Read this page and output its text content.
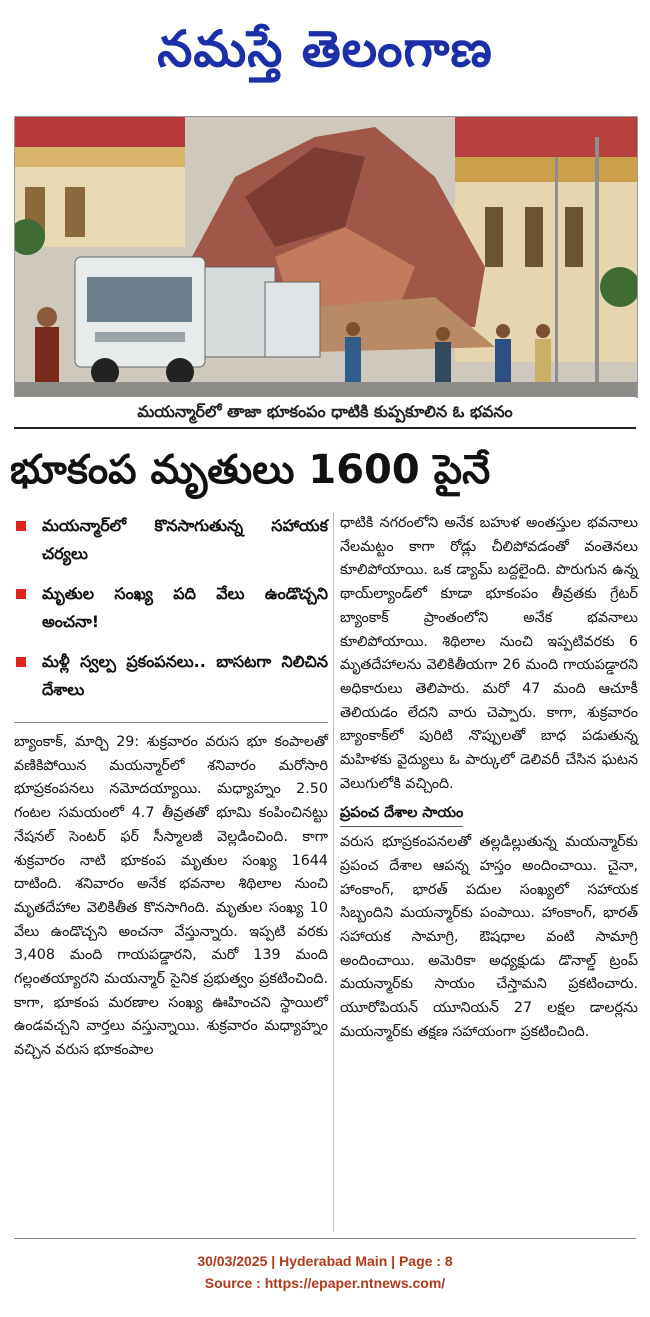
నమస్తే తెలంగాణ
మయన్మార్‌లో తాజా భూకంపం ధాటికి కుప్పకూలిన ఓ భవనం
భూకంప మృతులు 1600 పైనే
మయన్మార్‌లో కొనసాగుతున్న సహాయక చర్యలు
మృతుల సంఖ్య పది వేలు ఉండొచ్చని అంచనా!
మళ్లీ స్వల్ప ప్రకంపనలు.. బాసటగా నిలిచిన దేశాలు
బ్యాంకాక్, మార్చి 29: శుక్రవారం వరుస భూ కంపాలతో వణికిపోయిన మయన్మార్‌లో శనివారం మరోసారి భూప్రకంపనలు నమోదయ్యాయి. మధ్యాహ్నం 2.50 గంటల సమయంలో 4.7 తీవ్రతతో భూమి కంపించినట్టు నేషనల్ సెంటర్ ఫర్ సీస్మాలజీ వెల్లడించింది. కాగా శుక్రవారం నాటి భూకంప మృతుల సంఖ్య 1644 దాటింది. శనివారం అనేక భవనాల శిథిలాల నుంచి మృతదేహాల వెలికితీత కొనసాగింది. మృతుల సంఖ్య 10 వేలు ఉండొచ్చని అంచనా వేస్తున్నారు. ఇప్పటి వరకు 3,408 మంది గాయపడ్డారని, మరో 139 మంది గల్లంతయ్యారని మయన్మార్ సైనిక ప్రభుత్వం ప్రకటించింది. కాగా, భూకంప మరణాల సంఖ్య ఊహించని స్థాయిలో ఉండవచ్చని వార్తలు వస్తున్నాయి. శుక్రవారం మధ్యాహ్నం వచ్చిన వరుస భూకంపాల
ధాటికి నగరంలోని అనేక బహుళ అంతస్తుల భవనాలు నేలమట్టం కాగా రోడ్లు చీలిపోవడంతో వంతెనలు కూలిపోయాయి. ఒక డ్యామ్ బద్దలైంది. పొరుగున ఉన్న థాయ్‌ల్యాండ్‌లో కూడా భూకంపం తీవ్రతకు గ్రేటర్ బ్యాంకాక్ ప్రాంతంలోని అనేక భవనాలు కూలిపోయాయి. శిథిలాల నుంచి ఇప్పటివరకు 6 మృతదేహాలను వెలికితీయగా 26 మంది గాయపడ్డారని అధికారులు తెలిపారు. మరో 47 మంది ఆచూకీ తెలియడం లేదని వారు చెప్పారు. కాగా, శుక్రవారం బ్యాంకాక్‌లో పురిటి నొప్పులతో బాధ పడుతున్న మహిళకు వైద్యులు ఓ పార్కులో డెలివరీ చేసిన ఘటన వెలుగులోకి వచ్చింది.
ప్రపంచ దేశాల సాయం
వరుస భూప్రకంపనలతో తల్లడిల్లుతున్న మయన్మార్‌కు ప్రపంచ దేశాల ఆపన్న హస్తం అందించాయి. చైనా, హాంకాంగ్, భారత్ పదుల సంఖ్యలో సహాయక సిబ్బందిని మయన్మార్‌కు పంపాయి. హాంకాంగ్, భారత్ సహాయక సామాగ్రి, ఔషధాల వంటి సామాగ్రి అందించాయి. అమెరికా అధ్యక్షుడు డొనాల్డ్ ట్రంప్ మయన్మార్‌కు సాయం చేస్తామని ప్రకటించారు. యూరోపియన్ యూనియన్ 27 లక్షల డాలర్లను మయన్మార్‌కు తక్షణ సహాయంగా ప్రకటించింది.
30/03/2025 | Hyderabad Main | Page : 8
Source : https://epaper.ntnews.com/
